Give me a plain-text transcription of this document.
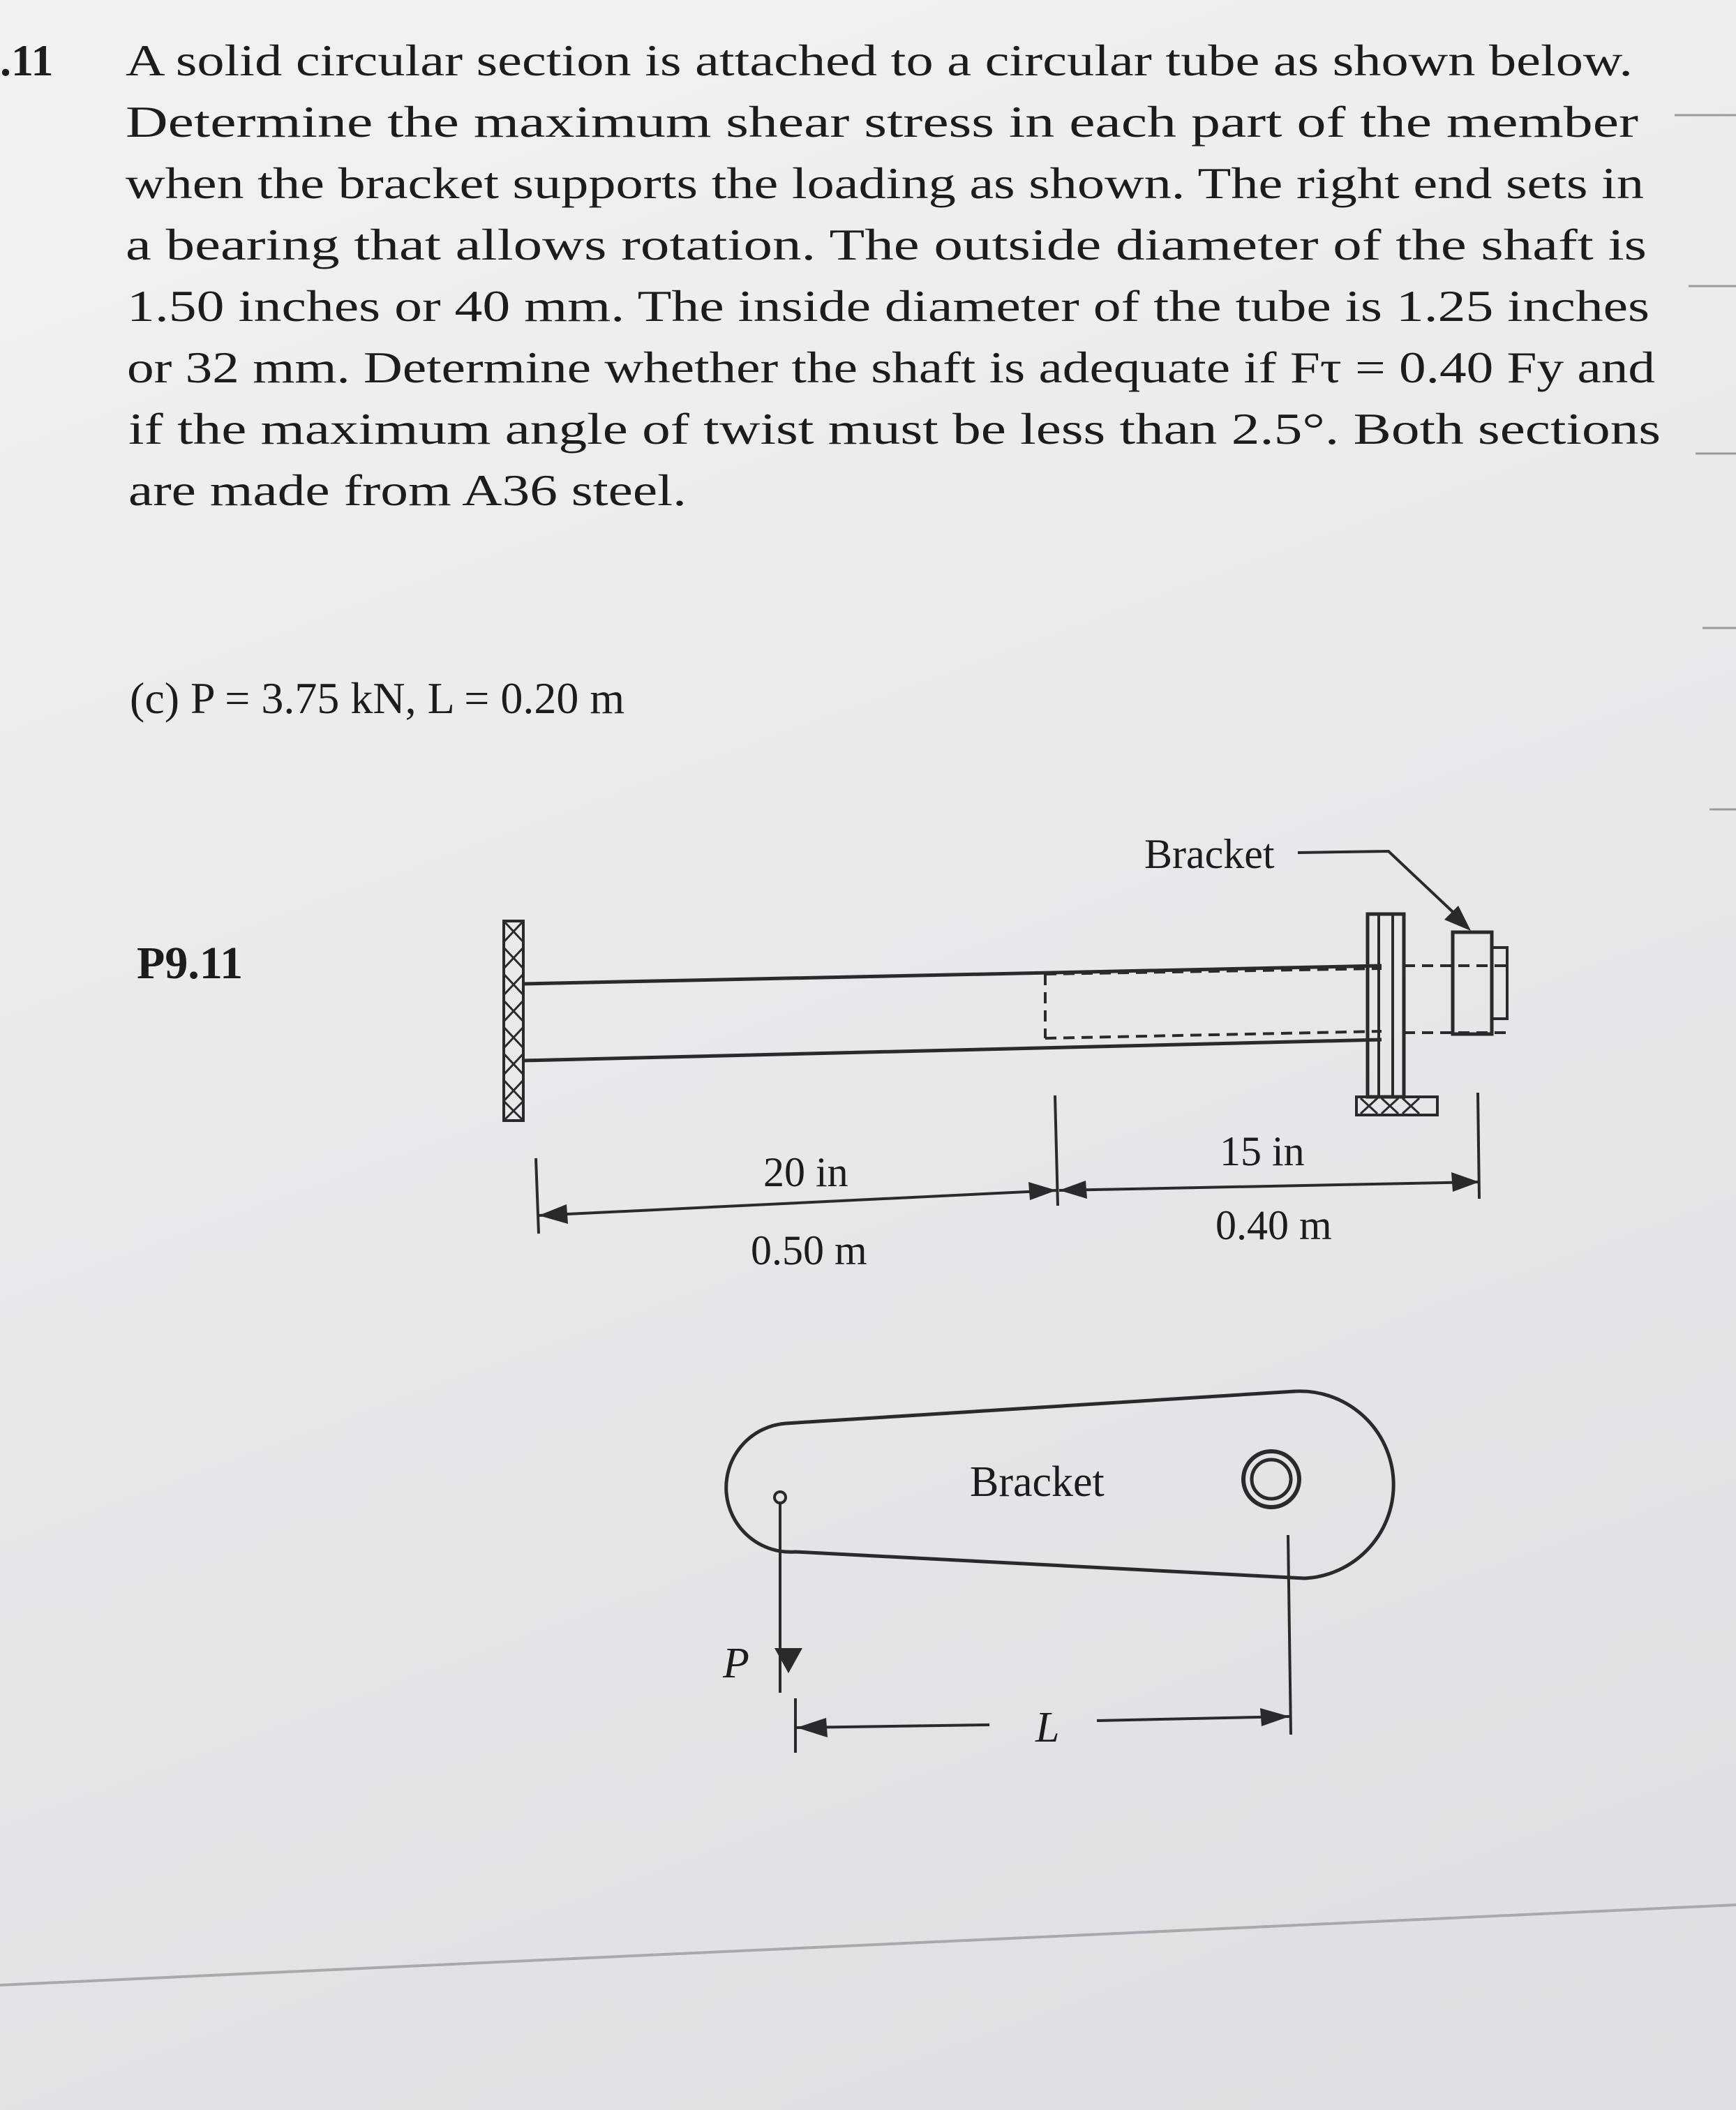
.11 A solid circular section is attached to a circular tube as shown below.
Determine the maximum shear stress in each part of the member
when the bracket supports the loading as shown. The right end sets in
a bearing that allows rotation. The outside diameter of the shaft is
1.50 inches or 40 mm. The inside diameter of the tube is 1.25 inches
or 32 mm. Determine whether the shaft is adequate if Fτ = 0.40 Fy and
if the maximum angle of twist must be less than 2.5°. Both sections
are made from A36 steel.
(c) P = 3.75 kN, L = 0.20 m
P9.11
Bracket
20 in
0.50 m
15 in
0.40 m
Bracket
P
L
